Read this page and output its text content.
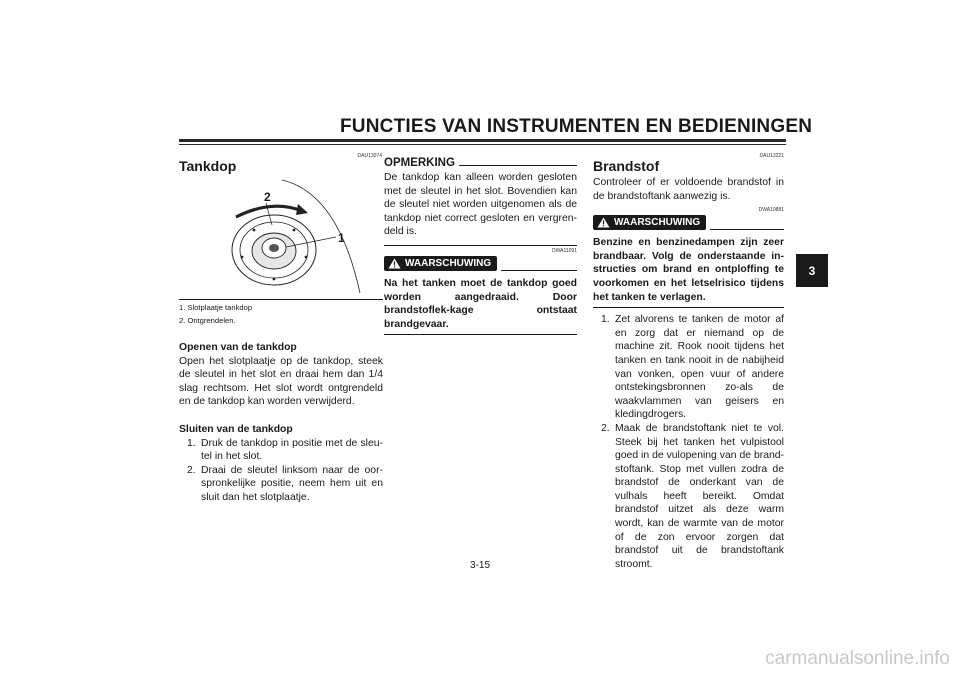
FUNCTIES VAN INSTRUMENTEN EN BEDIENINGEN
3
DAU13074
Tankdop
2
1
1. Slotplaatje tankdop
2. Ontgrendelen.
Openen van de tankdop
Open het slotplaatje op de tankdop, steek de sleutel in het slot en draai hem dan 1/4 slag rechtsom. Het slot wordt ontgrendeld en de tankdop kan worden verwijderd.
Sluiten van de tankdop
1. Druk de tankdop in positie met de sleu-tel in het slot.
2. Draai de sleutel linksom naar de oor-spronkelijke positie, neem hem uit en sluit dan het slotplaatje.
OPMERKING
De tankdop kan alleen worden gesloten met de sleutel in het slot. Bovendien kan de sleutel niet worden uitgenomen als de tankdop niet correct gesloten en vergren-deld is.
DWA11091
WAARSCHUWING
Na het tanken moet de tankdop goed worden aangedraaid. Door brandstoflek-kage ontstaat brandgevaar.
DAU13221
Brandstof
Controleer of er voldoende brandstof in de brandstoftank aanwezig is.
DWA10881
WAARSCHUWING
Benzine en benzinedampen zijn zeer brandbaar. Volg de onderstaande in-structies om brand en ontploffing te voorkomen en het letselrisico tijdens het tanken te verlagen.
1. Zet alvorens te tanken de motor af en zorg dat er niemand op de machine zit. Rook nooit tijdens het tanken en tank nooit in de nabijheid van vonken, open vuur of andere ontstekingsbronnen zo-als de waakvlammen van geisers en kledingdrogers.
2. Maak de brandstoftank niet te vol. Steek bij het tanken het vulpistool goed in de vulopening van de brand-stoftank. Stop met vullen zodra de brandstof de onderkant van de vulhals heeft bereikt. Omdat brandstof uitzet als deze warm wordt, kan de warmte van de motor of de zon ervoor zorgen dat brandstof uit de brandstoftank stroomt.
3-15
carmanualsonline.info
